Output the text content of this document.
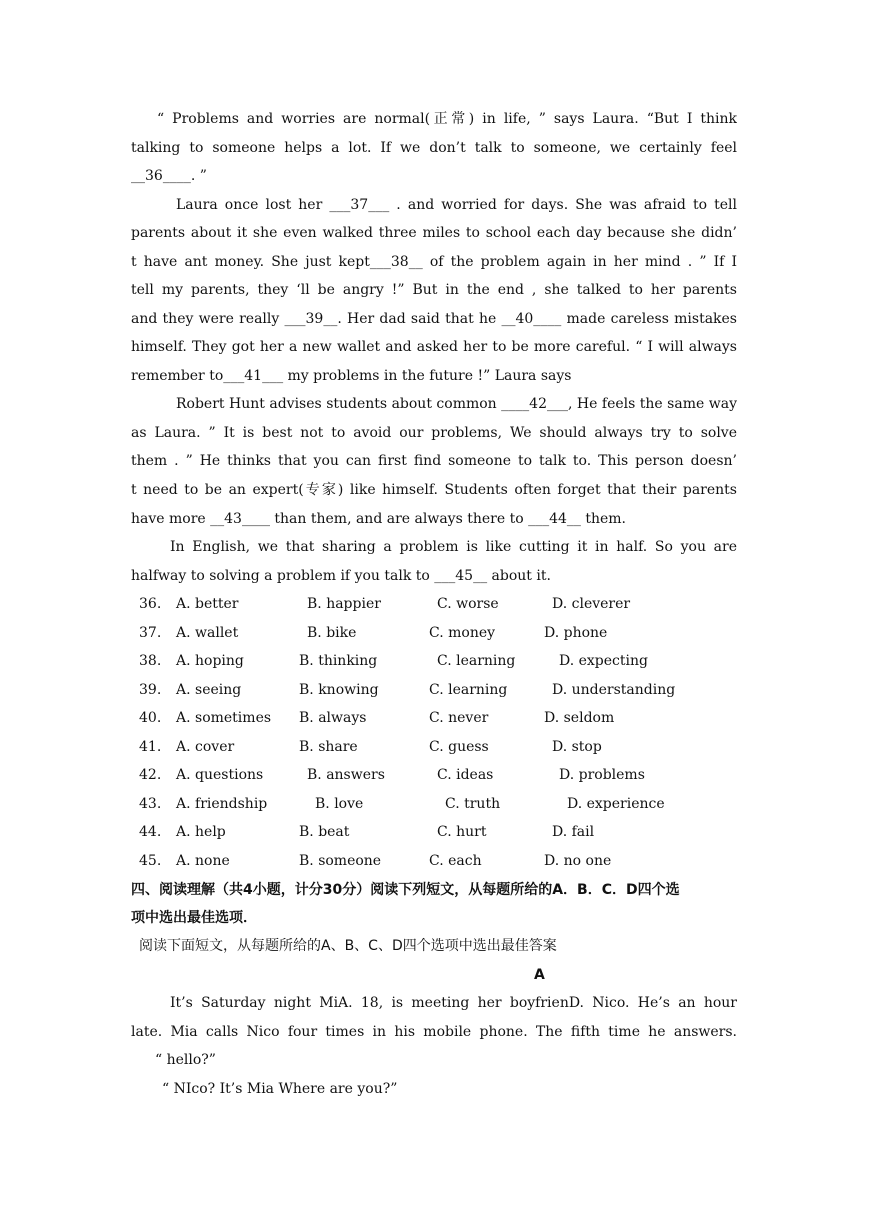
“ Problems and worries are normal(正常) in life, ” says Laura. “But I think
talking to someone helps a lot. If we don’t talk to someone, we certainly feel
__36____. ”
Laura once lost her ___37___ . and worried for days. She was afraid to tell
parents about it she even walked three miles to school each day because she didn’
t have ant money. She just kept___38__ of the problem again in her mind . ” If I
tell my parents, they ‘ll be angry !” But in the end , she talked to her parents
and they were really ___39__. Her dad said that he __40____ made careless mistakes
himself. They got her a new wallet and asked her to be more careful. “ I will always
remember to___41___ my problems in the future !” Laura says
Robert Hunt advises students about common ____42___, He feels the same way
as Laura. ” It is best not to avoid our problems, We should always try to solve
them . ” He thinks that you can first find someone to talk to. This person doesn’
t need to be an expert(专家) like himself. Students often forget that their parents
have more __43____ than them, and are always there to ___44__ them.
In English, we that sharing a problem is like cutting it in half. So you are
halfway to solving a problem if you talk to ___45__ about it.
36. A. better	B. happier	C. worse	D. cleverer
37. A. wallet	B. bike	C. money	D. phone
38. A. hoping	B. thinking	C. learning	D. expecting
39. A. seeing	B. knowing	C. learning	D. understanding
40. A. sometimes B. always	C. never	D. seldom
41. A. cover	B. share	C. guess	D. stop
42. A. questions	B. answers	C. ideas	D. problems
43. A. friendship	B. love	C. truth	D. experience
44. A. help	B. beat	C. hurt	D. fail
45. A. none	B. someone	C. each	D. no one
四、阅读理解（共4小题，计分30分）阅读下列短文，从每题所给的A．B．C．D四个选
项中选出最佳选项．
阅读下面短文，从每题所给的A、B、C、D四个选项中选出最佳答案
A
It’s Saturday night MiA. 18, is meeting her boyfrienD. Nico. He’s an hour
late. Mia calls Nico four times in his mobile phone. The fifth time he answers.
“ hello?”
“ NIco? It’s Mia Where are you?”
